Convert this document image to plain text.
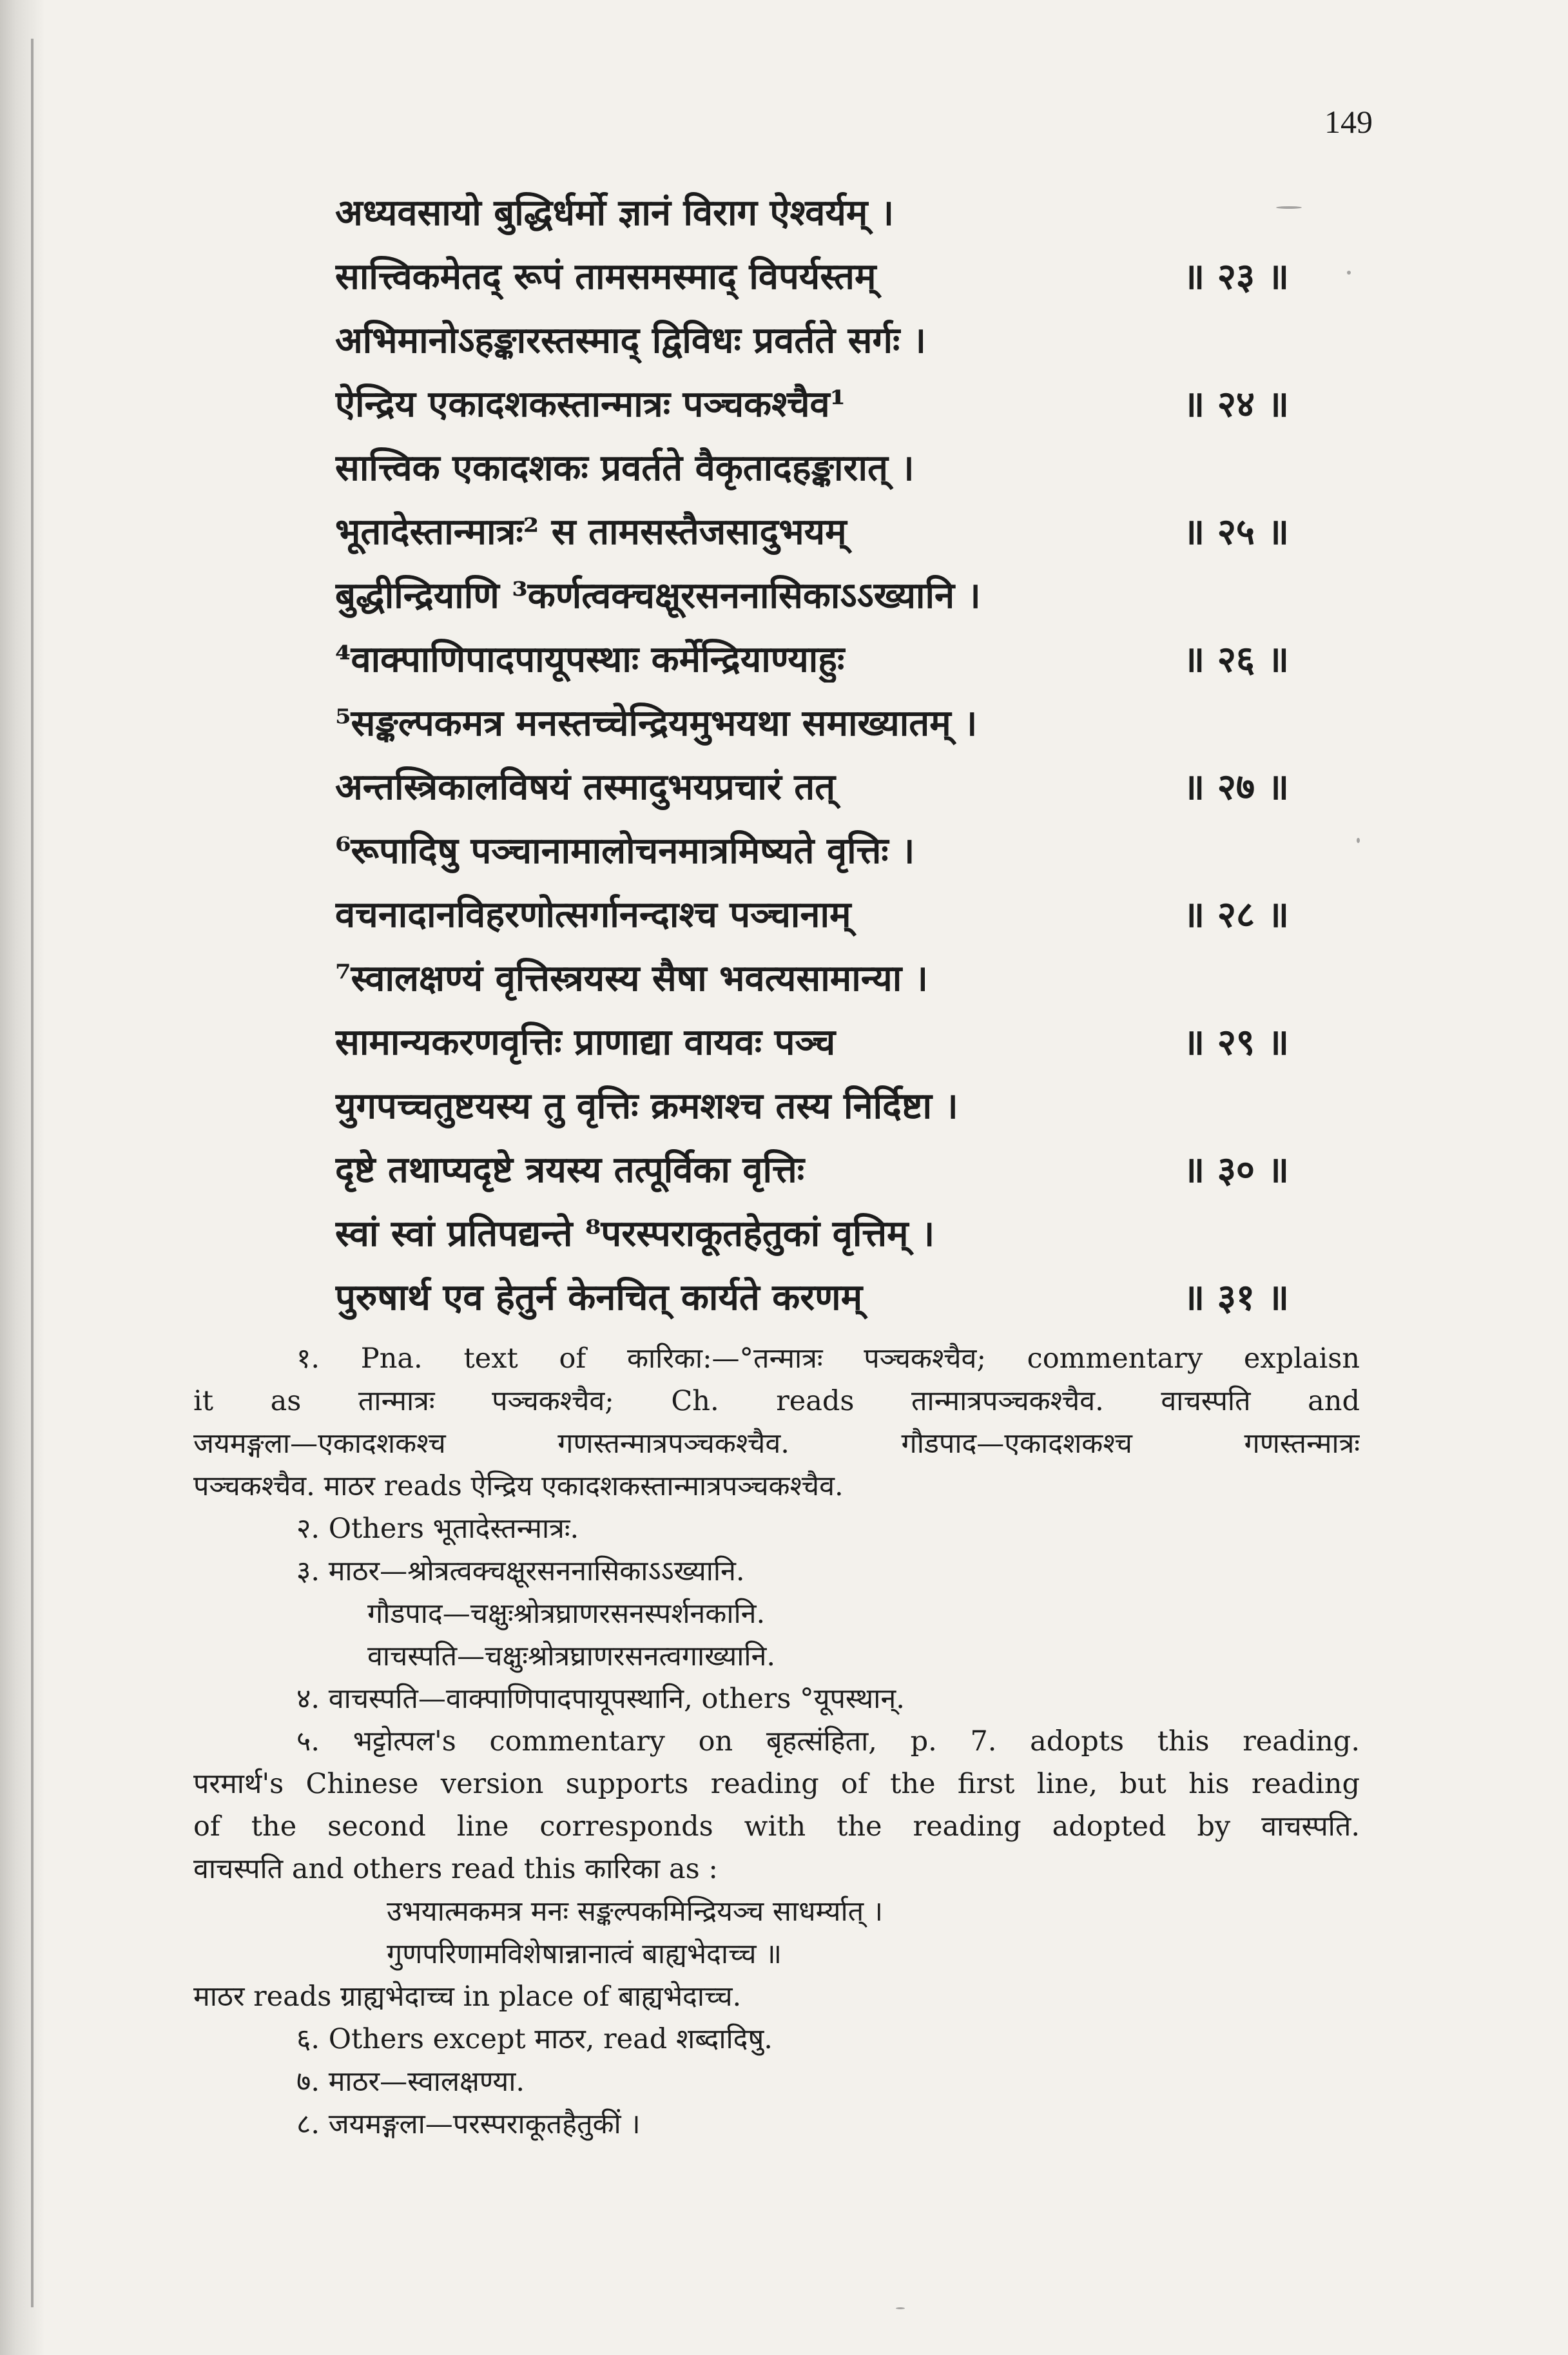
149
अध्यवसायो बुद्धिर्धर्मो ज्ञानं विराग ऐश्वर्यम् ।
सात्त्विकमेतद् रूपं तामसमस्माद् विपर्यस्तम्	॥ २३ ॥
अभिमानोऽहङ्कारस्तस्माद् द्विविधः प्रवर्तते सर्गः ।
ऐन्द्रिय एकादशकस्तान्मात्रः पञ्चकश्चैव¹	॥ २४ ॥
सात्त्विक एकादशकः प्रवर्तते वैकृतादहङ्कारात् ।
भूतादेस्तान्मात्रः² स तामसस्तैजसादुभयम्	॥ २५ ॥
बुद्धीन्द्रियाणि ³कर्णत्वक्चक्षूरसननासिकाऽऽख्यानि ।
⁴वाक्पाणिपादपायूपस्थाः कर्मेन्द्रियाण्याहुः	॥ २६ ॥
⁵सङ्कल्पकमत्र मनस्तच्चेन्द्रियमुभयथा समाख्यातम् ।
अन्तस्त्रिकालविषयं तस्मादुभयप्रचारं तत्	॥ २७ ॥
⁶रूपादिषु पञ्चानामालोचनमात्रमिष्यते वृत्तिः ।
वचनादानविहरणोत्सर्गानन्दाश्च पञ्चानाम्	॥ २८ ॥
⁷स्वालक्षण्यं वृत्तिस्त्रयस्य सैषा भवत्यसामान्या ।
सामान्यकरणवृत्तिः प्राणाद्या वायवः पञ्च	॥ २९ ॥
युगपच्चतुष्टयस्य तु वृत्तिः क्रमशश्च तस्य निर्दिष्टा ।
दृष्टे तथाप्यदृष्टे त्रयस्य तत्पूर्विका वृत्तिः	॥ ३० ॥
स्वां स्वां प्रतिपद्यन्ते ⁸परस्पराकूतहेतुकां वृत्तिम् ।
पुरुषार्थ एव हेतुर्न केनचित् कार्यते करणम्	॥ ३१ ॥
१. Pna. text of कारिका:—°तन्मात्रः पञ्चकश्चैव; commentary explaisn
it as तान्मात्रः पञ्चकश्चैव; Ch. reads तान्मात्रपञ्चकश्चैव. वाचस्पति and
जयमङ्गला—एकादशकश्च गणस्तन्मात्रपञ्चकश्चैव. गौडपाद—एकादशकश्च गणस्तन्मात्रः
पञ्चकश्चैव. माठर reads ऐन्द्रिय एकादशकस्तान्मात्रपञ्चकश्चैव.
२. Others भूतादेस्तन्मात्रः.
३. माठर—श्रोत्रत्वक्चक्षूरसननासिकाऽऽख्यानि.
गौडपाद—चक्षुःश्रोत्रघ्राणरसनस्पर्शनकानि.
वाचस्पति—चक्षुःश्रोत्रघ्राणरसनत्वगाख्यानि.
४. वाचस्पति—वाक्पाणिपादपायूपस्थानि, others °यूपस्थान्.
५. भट्टोत्पल's commentary on बृहत्संहिता, p. 7. adopts this reading.
परमार्थ's Chinese version supports reading of the first line, but his reading
of the second line corresponds with the reading adopted by वाचस्पति.
वाचस्पति and others read this कारिका as :
उभयात्मकमत्र मनः सङ्कल्पकमिन्द्रियञ्च साधर्म्यात् ।
गुणपरिणामविशेषान्नानात्वं बाह्यभेदाच्च ॥
माठर reads ग्राह्यभेदाच्च in place of बाह्यभेदाच्च.
६. Others except माठर, read शब्दादिषु.
७. माठर—स्वालक्षण्या.
८. जयमङ्गला—परस्पराकूतहैतुकीं ।
